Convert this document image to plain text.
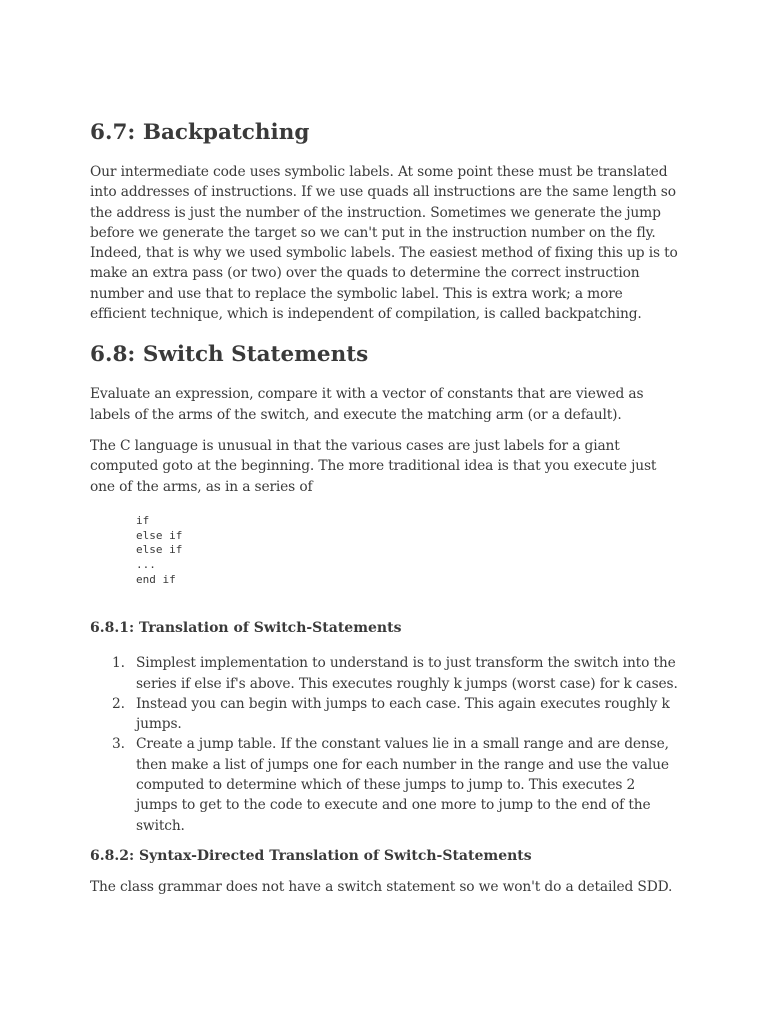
6.7: Backpatching

Our intermediate code uses symbolic labels. At some point these must be translated into addresses of instructions. If we use quads all instructions are the same length so the address is just the number of the instruction. Sometimes we generate the jump before we generate the target so we can't put in the instruction number on the fly. Indeed, that is why we used symbolic labels. The easiest method of fixing this up is to make an extra pass (or two) over the quads to determine the correct instruction number and use that to replace the symbolic label. This is extra work; a more efficient technique, which is independent of compilation, is called backpatching.

6.8: Switch Statements

Evaluate an expression, compare it with a vector of constants that are viewed as labels of the arms of the switch, and execute the matching arm (or a default).

The C language is unusual in that the various cases are just labels for a giant computed goto at the beginning. The more traditional idea is that you execute just one of the arms, as in a series of

if
else if
else if
...
end if
6.8.1: Translation of Switch-Statements
1. Simplest implementation to understand is to just transform the switch into the series if else if's above. This executes roughly k jumps (worst case) for k cases.
2. Instead you can begin with jumps to each case. This again executes roughly k jumps.
3. Create a jump table. If the constant values lie in a small range and are dense, then make a list of jumps one for each number in the range and use the value computed to determine which of these jumps to jump to. This executes 2 jumps to get to the code to execute and one more to jump to the end of the switch.
6.8.2: Syntax-Directed Translation of Switch-Statements

The class grammar does not have a switch statement so we won't do a detailed SDD.
